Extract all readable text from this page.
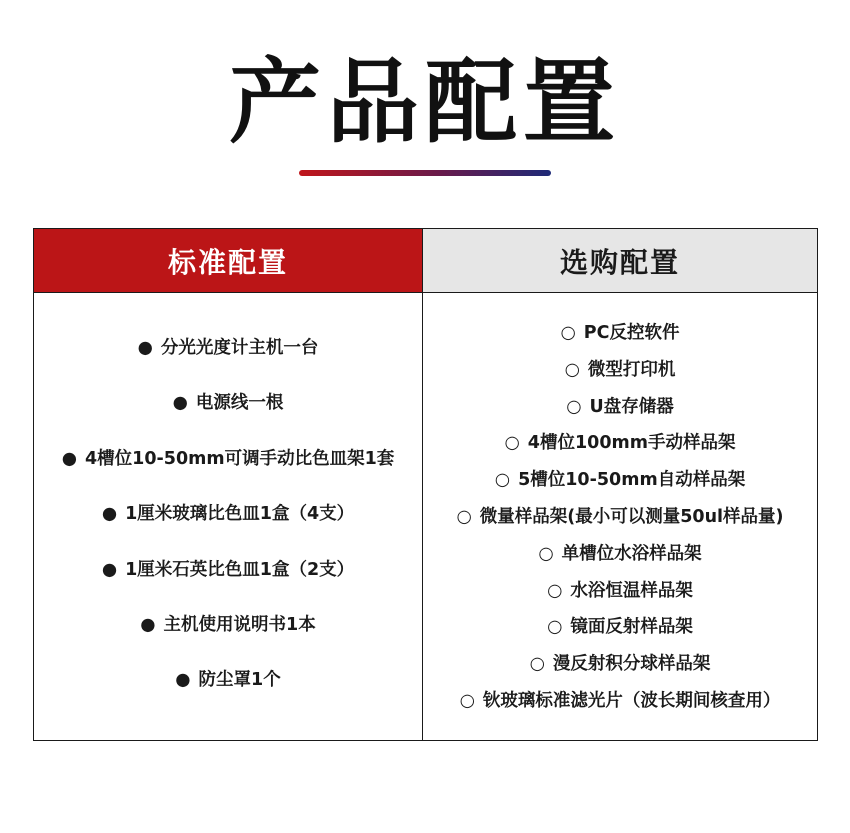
产品配置
标准配置
● 分光光度计主机一台
● 电源线一根
● 4槽位10-50mm可调手动比色皿架1套
● 1厘米玻璃比色皿1盒（4支）
● 1厘米石英比色皿1盒（2支）
● 主机使用说明书1本
● 防尘罩1个
选购配置
○ PC反控软件
○ 微型打印机
○ U盘存储器
○ 4槽位100mm手动样品架
○ 5槽位10-50mm自动样品架
○ 微量样品架(最小可以测量50ul样品量)
○ 单槽位水浴样品架
○ 水浴恒温样品架
○ 镜面反射样品架
○ 漫反射积分球样品架
○ 钬玻璃标准滤光片（波长期间核查用）
